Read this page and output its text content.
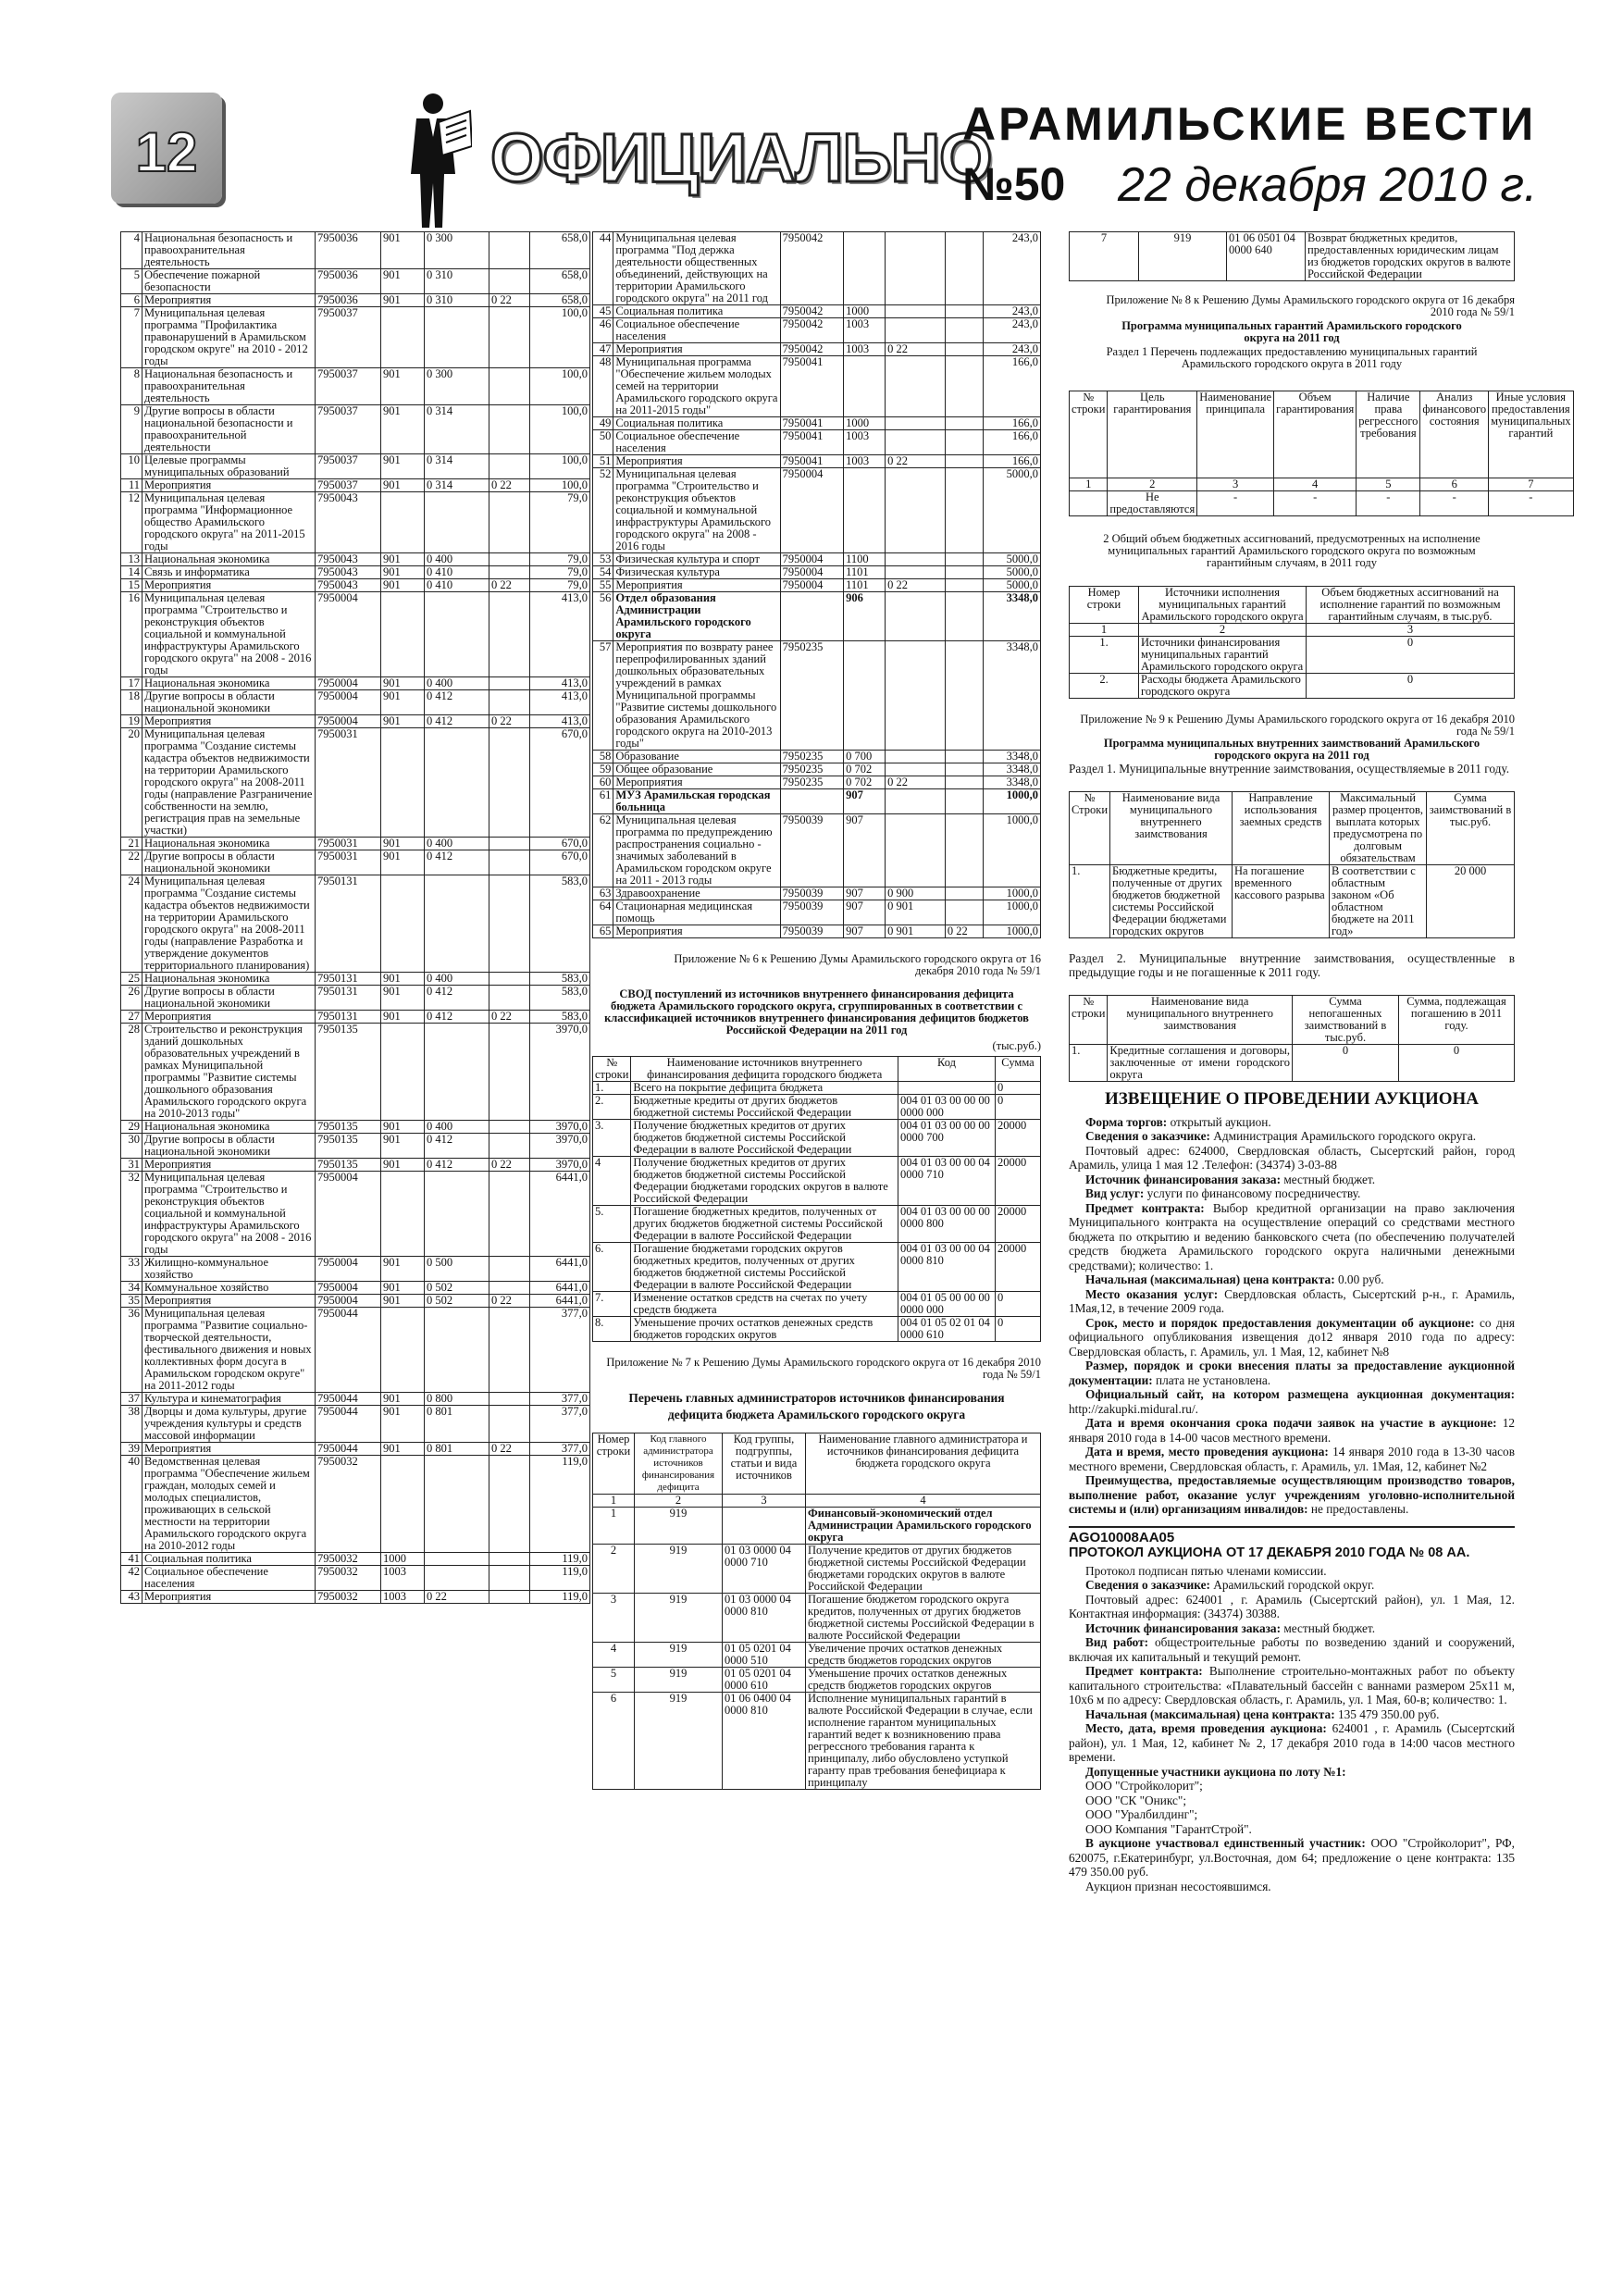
12	ОФИЦИАЛЬНО
АРАМИЛЬСКИЕ ВЕСТИ
№50 22 декабря 2010 г.
4	Национальная безопасность и правоохранительная деятельность	7950036	901	0 300		658,0
5	Обеспечение пожарной безопасности	7950036	901	0 310		658,0
6	Мероприятия	7950036	901	0 310	0 22	658,0
7	Муниципальная целевая программа "Профилактика правонарушений в Арамильском городском округе" на 2010 - 2012 годы	7950037				100,0
8	Национальная безопасность и правоохранительная деятельность	7950037	901	0 300		100,0
9	Другие вопросы в области национальной безопасности и правоохранительной деятельности	7950037	901	0 314		100,0
10	Целевые программы муниципальных образований	7950037	901	0 314		100,0
11	Мероприятия	7950037	901	0 314	0 22	100,0
12	Муниципальная целевая программа "Информационное общество Арамильского городского округа" на 2011-2015 годы	7950043				79,0
13	Национальная экономика	7950043	901	0 400		79,0
14	Связь и информатика	7950043	901	0 410		79,0
15	Мероприятия	7950043	901	0 410	0 22	79,0
16	Муниципальная целевая программа "Строительство и реконструкция объектов социальной и коммунальной инфраструктуры Арамильского городского округа" на 2008 - 2016 годы	7950004				413,0
17	Национальная экономика	7950004	901	0 400		413,0
18	Другие вопросы в области национальной экономики	7950004	901	0 412		413,0
19	Мероприятия	7950004	901	0 412	0 22	413,0
20	Муниципальная целевая программа "Создание системы кадастра объектов недвижимости на территории Арамильского городского округа" на 2008-2011 годы (направление Разграничение собственности на землю, регистрация прав на земельные участки)	7950031				670,0
21	Национальная экономика	7950031	901	0 400		670,0
22	Другие вопросы в области национальной экономики	7950031	901	0 412		670,0
24	Муниципальная целевая программа "Создание системы кадастра объектов недвижимости на территории Арамильского городского округа" на 2008-2011 годы (направление Разработка и утверждение документов территориального планирования)	7950131				583,0
25	Национальная экономика	7950131	901	0 400		583,0
26	Другие вопросы в области национальной экономики	7950131	901	0 412		583,0
27	Мероприятия	7950131	901	0 412	0 22	583,0
28	Строительство и реконструкция зданий дошкольных образовательных учреждений в рамках Муниципальной программы "Развитие системы дошкольного образования Арамильского городского округа на 2010-2013 годы"	7950135				3970,0
29	Национальная экономика	7950135	901	0 400		3970,0
30	Другие вопросы в области национальной экономики	7950135	901	0 412		3970,0
31	Мероприятия	7950135	901	0 412	0 22	3970,0
32	Муниципальная целевая программа "Строительство и реконструкция объектов социальной и коммунальной инфраструктуры Арамильского городского округа" на 2008 - 2016 годы	7950004				6441,0
33	Жилищно-коммунальное хозяйство	7950004	901	0 500		6441,0
34	Коммунальное хозяйство	7950004	901	0 502		6441,0
35	Мероприятия	7950004	901	0 502	0 22	6441,0
36	Муниципальная целевая программа "Развитие социально-творческой деятельности, фестивального движения и новых коллективных форм досуга в Арамильском городском округе" на 2011-2012 годы	7950044				377,0
37	Культура и кинематография	7950044	901	0 800		377,0
38	Дворцы и дома культуры, другие учреждения культуры и средств массовой информации	7950044	901	0 801		377,0
39	Мероприятия	7950044	901	0 801	0 22	377,0
40	Ведомственная целевая программа "Обеспечение жильем граждан, молодых семей и молодых специалистов, проживающих в сельской местности на территории Арамильского городского округа на 2010-2012 годы	7950032				119,0
41	Социальная политика	7950032	1000			119,0
42	Социальное обеспечение населения	7950032	1003			119,0
43	Мероприятия	7950032	1003	0 22		119,0
44	Муниципальная целевая программа "Под держка деятельности общественных объединений, действующих на территории Арамильского городского округа" на 2011 год	7950042				243,0
45	Социальная политика	7950042	1000			243,0
46	Социальное обеспечение населения	7950042	1003			243,0
47	Мероприятия	7950042	1003	0 22		243,0
48	Муниципальная программа "Обеспечение жильем молодых семей на территории Арамильского городского округа на 2011-2015 годы"	7950041				166,0
49	Социальная политика	7950041	1000			166,0
50	Социальное обеспечение населения	7950041	1003			166,0
51	Мероприятия	7950041	1003	0 22		166,0
52	Муниципальная целевая программа "Строительство и реконструкция объектов социальной и коммунальной инфраструктуры Арамильского городского округа" на 2008 - 2016 годы	7950004				5000,0
53	Физическая культура и спорт	7950004	1100			5000,0
54	Физическая культура	7950004	1101			5000,0
55	Мероприятия	7950004	1101	0 22		5000,0
56	Отдел образования Администрации Арамильского городского округа		906			3348,0
57	Мероприятия по возврату ранее перепрофилированных зданий дошкольных образовательных учреждений в рамках Муниципальной программы "Развитие системы дошкольного образования Арамильского городского округа на 2010-2013 годы"	7950235				3348,0
58	Образование	7950235	0 700			3348,0
59	Общее образование	7950235	0 702			3348,0
60	Мероприятия	7950235	0 702	0 22		3348,0
61	МУЗ Арамильская городская больница		907			1000,0
62	Муниципальная целевая программа по предупреждению распространения социально - значимых заболеваний в Арамильском городском округе на 2011 - 2013 годы	7950039	907			1000,0
63	Здравоохранение	7950039	907	0 900		1000,0
64	Стационарная медицинская помощь	7950039	907	0 901		1000,0
65	Мероприятия	7950039	907	0 901	0 22	1000,0
Приложение № 6 к Решению Думы Арамильского городского округа от 16 декабря 2010 года № 59/1
СВОД поступлений из источников внутреннего финансирования дефицита бюджета Арамильского городского округа, сгруппированных в соответствии с классификацией источников внутреннего финансирования дефицитов бюджетов Российской Федерации на 2011 год
(тыс.руб.)
№ строки	Наименование источников внутреннего финансирования дефицита городского бюджета	Код	Сумма
1.	Всего на покрытие дефицита бюджета		0
2.	Бюджетные кредиты от других бюджетов бюджетной системы Российской Федерации	004 01 03 00 00 00 0000 000	0
3.	Получение бюджетных кредитов от других бюджетов бюджетной системы Российской Федерации в валюте Российской Федерации	004 01 03 00 00 00 0000 700	20000
4	Получение бюджетных кредитов от других бюджетов бюджетной системы Российской Федерации бюджетами городских округов в валюте Российской Федерации	004 01 03 00 00 04 0000 710	20000
5.	Погашение бюджетных кредитов, полученных от других бюджетов бюджетной системы Российской Федерации в валюте Российской Федерации	004 01 03 00 00 00 0000 800	20000
6.	Погашение бюджетами городских округов бюджетных кредитов, полученных от других бюджетов бюджетной системы Российской Федерации в валюте Российской Федерации	004 01 03 00 00 04 0000 810	20000
7.	Изменение остатков средств на счетах по учету средств бюджета	004 01 05 00 00 00 0000 000	0
8.	Уменьшение прочих остатков денежных средств бюджетов городских округов	004 01 05 02 01 04 0000 610	0
Приложение № 7 к Решению Думы Арамильского городского округа от 16 декабря 2010 года № 59/1
Перечень главных администраторов источников финансирования дефицита бюджета Арамильского городского округа
Номер строки	Код главного администратора источников финансирования дефицита	Код группы, подгруппы, статьи и вида источников	Наименование главного администратора и источников финансирования дефицита бюджета городского округа
1	2	3	4
1	919		Финансовый-экономический отдел Администрации Арамильского городского округа
2	919	01 03 0000 04 0000 710	Получение кредитов от других бюджетов бюджетной системы Российской Федерации бюджетами городских округов в валюте Российской Федерации
3	919	01 03 0000 04 0000 810	Погашение бюджетом городского округа кредитов, полученных от других бюджетов бюджетной системы Российской Федерации в валюте Российской Федерации
4	919	01 05 0201 04 0000 510	Увеличение прочих остатков денежных средств бюджетов городских округов
5	919	01 05 0201 04 0000 610	Уменьшение прочих остатков денежных средств бюджетов городских округов
6	919	01 06 0400 04 0000 810	Исполнение муниципальных гарантий в валюте Российской Федерации в случае, если исполнение гарантом муниципальных гарантий ведет к возникновению права регрессного требования гаранта к принципалу, либо обусловлено уступкой гаранту прав требования бенефициара к принципалу
7	919	01 06 0501 04 0000 640	Возврат бюджетных кредитов, предоставленных юридическим лицам из бюджетов городских округов в валюте Российской Федерации
Приложение № 8 к Решению Думы Арамильского городского округа от 16 декабря 2010 года № 59/1
Программа муниципальных гарантий Арамильского городского округа на 2011 год
Раздел 1 Перечень подлежащих предоставлению муниципальных гарантий Арамильского городского округа в 2011 году
№ строки	Цель гарантирования	Наименование принципала	Объем гарантирования	Наличие права регрессного требования	Анализ финансового состояния	Иные условия предоставления муниципальных гарантий
1	2	3	4	5	6	7
	Не предоставляются	-	-	-	-	-
2 Общий объем бюджетных ассигнований, предусмотренных на исполнение муниципальных гарантий Арамильского городского округа по возможным гарантийным случаям, в 2011 году
Номер строки	Источники исполнения муниципальных гарантий Арамильского городского округа	Объем бюджетных ассигнований на исполнение гарантий по возможным гарантийным случаям, в тыс.руб.
1	2	3
1.	Источники финансирования муниципальных гарантий Арамильского городского округа	0
2.	Расходы бюджета Арамильского городского округа	0
Приложение № 9 к Решению Думы Арамильского городского округа от 16 декабря 2010 года № 59/1
Программа муниципальных внутренних заимствований Арамильского городского округа на 2011 год
Раздел 1. Муниципальные внутренние заимствования, осуществляемые в 2011 году.
№ Строки	Наименование вида муниципального внутреннего заимствования	Направление использования заемных средств	Максимальный размер процентов, выплата которых предусмотрена по долговым обязательствам	Сумма заимствований в тыс.руб.
1.	Бюджетные кредиты, полученные от других бюджетов бюджетной системы Российской Федерации бюджетами городских округов	На погашение временного кассового разрыва	В соответствии с областным законом «Об областном бюджете на 2011 год»	20 000
Раздел 2. Муниципальные внутренние заимствования, осуществленные в предыдущие годы и не погашенные к 2011 году.
№ строки	Наименование вида муниципального внутреннего заимствования	Сумма непогашенных заимствований в тыс.руб.	Сумма, подлежащая погашению в 2011 году.
1.	Кредитные соглашения и договоры, заключенные от имени городского округа	0	0
ИЗВЕЩЕНИЕ О ПРОВЕДЕНИИ АУКЦИОНА
Форма торгов: открытый аукцион.
Сведения о заказчике: Администрация Арамильского городского округа.
Почтовый адрес: 624000, Свердловская область, Сысертский район, город Арамиль, улица 1 мая 12 .Телефон: (34374) 3-03-88
Источник финансирования заказа: местный бюджет.
Вид услуг: услуги по финансовому посредничеству.
Предмет контракта: Выбор кредитной организации на право заключения Муниципального контракта на осуществление операций со средствами местного бюджета по открытию и ведению банковского счета (по обеспечению получателей средств бюджета Арамильского городского округа наличными денежными средствами); количество: 1.
Начальная (максимальная) цена контракта: 0.00 руб.
Место оказания услуг: Свердловская область, Сысертский р-н., г. Арамиль, 1Мая,12, в течение 2009 года.
Срок, место и порядок предоставления документации об аукционе: со дня официального опубликования извещения до12 января 2010 года по адресу: Свердловская область, г. Арамиль, ул. 1 Мая, 12, кабинет №8
Размер, порядок и сроки внесения платы за предоставление аукционной документации: плата не установлена.
Официальный сайт, на котором размещена аукционная документация: http://zakupki.midural.ru/.
Дата и время окончания срока подачи заявок на участие в аукционе: 12 января 2010 года в 14-00 часов местного времени.
Дата и время, место проведения аукциона: 14 января 2010 года в 13-30 часов местного времени, Свердловская область, г. Арамиль, ул. 1Мая, 12, кабинет №2
Преимущества, предоставляемые осуществляющим производство товаров, выполнение работ, оказание услуг учреждениям уголовно-исполнительной системы и (или) организациям инвалидов: не предоставлены.
AGO10008AA05
ПРОТОКОЛ АУКЦИОНА ОТ 17 ДЕКАБРЯ 2010 ГОДА № 08 АА.
Протокол подписан пятью членами комиссии.
Сведения о заказчике: Арамильский городской округ.
Почтовый адрес: 624001 , г. Арамиль (Сысертский район), ул. 1 Мая, 12. Контактная информация: (34374) 30388.
Источник финансирования заказа: местный бюджет.
Вид работ: общестроительные работы по возведению зданий и сооружений, включая их капитальный и текущий ремонт.
Предмет контракта: Выполнение строительно-монтажных работ по объекту капитального строительства: «Плавательный бассейн с ваннами размером 25х11 м, 10х6 м по адресу: Свердловская область, г. Арамиль, ул. 1 Мая, 60-в; количество: 1.
Начальная (максимальная) цена контракта: 135 479 350.00 руб.
Место, дата, время проведения аукциона: 624001 , г. Арамиль (Сысертский район), ул. 1 Мая, 12, кабинет № 2, 17 декабря 2010 года в 14:00 часов местного времени.
Допущенные участники аукциона по лоту №1:
ООО "Стройколорит";
ООО "СК "Оникс";
ООО "Уралбилдинг";
ООО Компания "ГарантСтрой".
В аукционе участвовал единственный участник: ООО "Стройколорит", РФ, 620075, г.Екатеринбург, ул.Восточная, дом 64; предложение о цене контракта: 135 479 350.00 руб.
Аукцион признан несостоявшимся.
